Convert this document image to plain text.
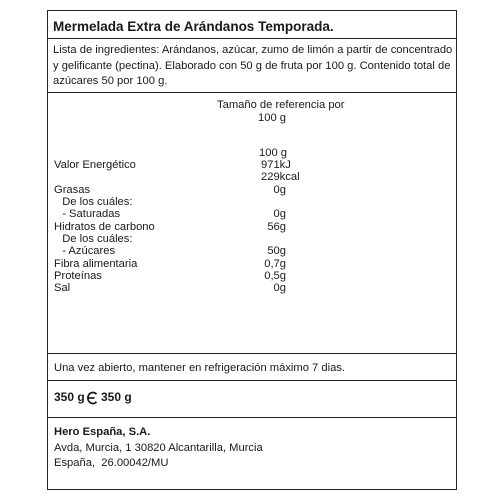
Mermelada Extra de Arándanos Temporada.
Lista de ingredientes: Arándanos, azúcar, zumo de limón a partir de concentrado y gelificante (pectina). Elaborado con 50 g de fruta por 100 g. Contenido total de azúcares 50 por 100 g.
Tamaño de referencia por
100 g
100 g
Valor Energético	971kJ
229kcal
Grasas	0g
De los cuáles:
- Saturadas	0g
Hidratos de carbono	56g
De los cuáles:
- Azúcares	50g
Fibra alimentaria	0,7g
Proteínas	0,5g
Sal	0g
Una vez abierto, mantener en refrigeración máximo 7 dias.
350 g 350 g
Hero España, S.A.
Avda, Murcia, 1 30820 Alcantarilla, Murcia
España,  26.00042/MU
